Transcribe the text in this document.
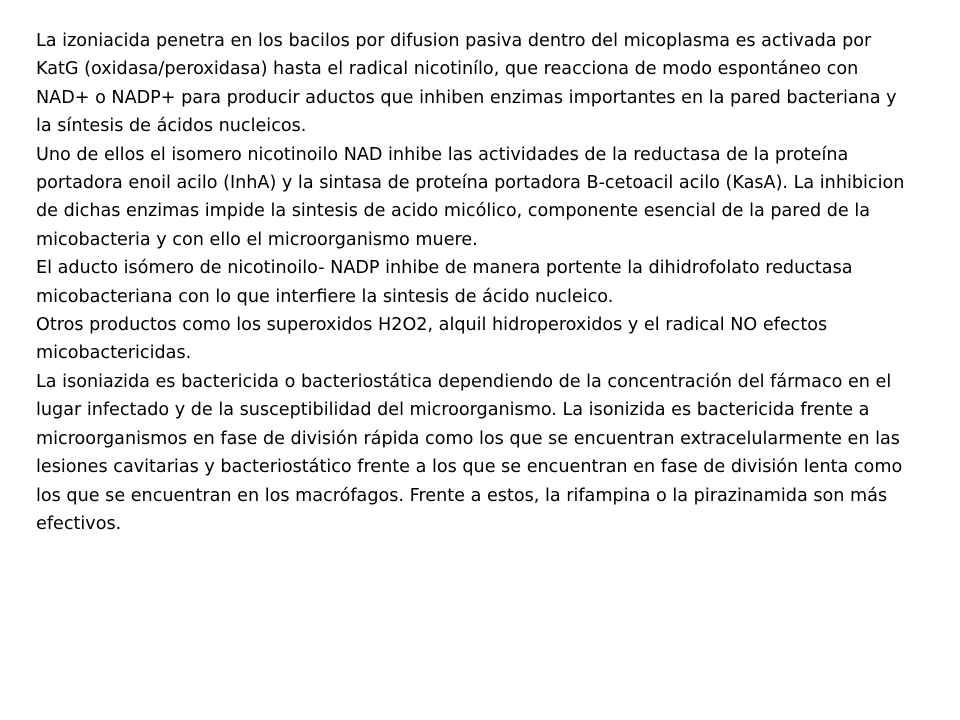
La izoniacida penetra en los bacilos por difusion pasiva dentro del micoplasma es activada por KatG (oxidasa/peroxidasa) hasta el radical nicotiníl​o, que reacciona de modo espontáneo con NAD+ o NADP+ para producir aductos que inhiben enzimas importantes en la pared bacteriana y la síntesis de ácidos nucleicos.

Uno de ellos el isomero nicotinoilo NAD inhibe las actividades de la reductasa de la proteína portadora enoil acilo (InhA) y la sintasa de proteína portadora B-cetoacil acilo (KasA). La inhibicion de dichas enzimas impide la sintesis de acido micólico, componente esencial de la pared de la micobacteria y con ello el microorganismo muere.

El aducto isómero de nicotinoilo- NADP inhibe de manera portente la dihidrofolato reductasa micobacteriana con lo que interfiere la sintesis de ácido nucleico.

Otros productos como los superoxidos H2O2, alquil hidroperoxidos y el radical NO efectos micobactericidas.

La isoniazida es bactericida o bacteriostática dependiendo de la concentración del fármaco en el lugar infectado y de la susceptibilidad del microorganismo. La isonizida es bactericida frente a microorganismos en fase de división rápida como los que se encuentran extracelularmente en las lesiones cavitarias y bacteriostático frente a los que se encuentran en fase de división lenta como los que se encuentran en los macrófagos. Frente a estos, la rifampina o la pirazinamida son más efectivos.
